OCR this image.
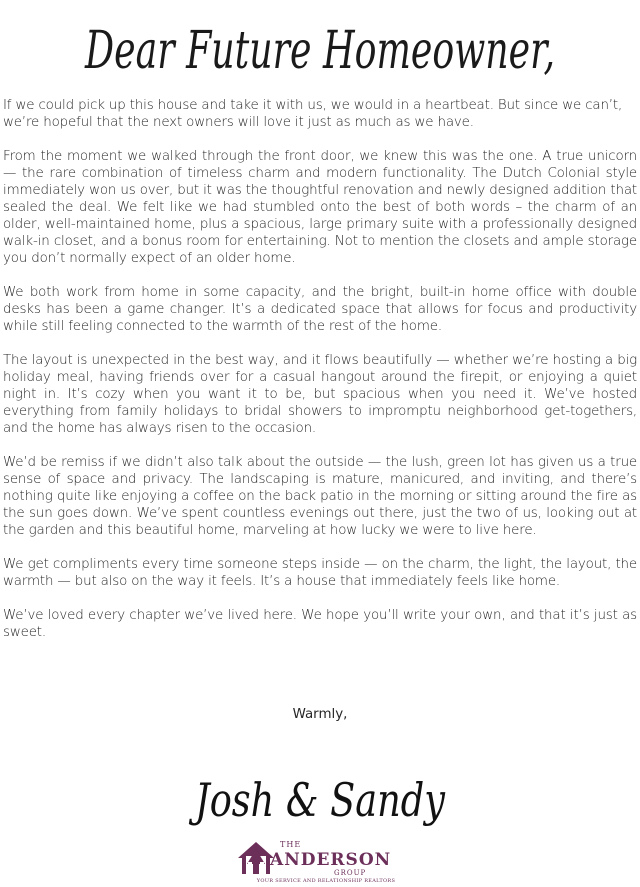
Dear Future Homeowner,

If we could pick up this house and take it with us, we would in a heartbeat. But since we can’t, we’re hopeful that the next owners will love it just as much as we have.

From the moment we walked through the front door, we knew this was the one. A true unicorn — the rare combination of timeless charm and modern functionality. The Dutch Colonial style immediately won us over, but it was the thoughtful renovation and newly designed addition that sealed the deal. We felt like we had stumbled onto the best of both words – the charm of an older, well-maintained home, plus a spacious, large primary suite with a professionally designed walk-in closet, and a bonus room for entertaining. Not to mention the closets and ample storage you don’t normally expect of an older home.

We both work from home in some capacity, and the bright, built-in home office with double desks has been a game changer. It’s a dedicated space that allows for focus and productivity while still feeling connected to the warmth of the rest of the home.

The layout is unexpected in the best way, and it flows beautifully — whether we’re hosting a big holiday meal, having friends over for a casual hangout around the firepit, or enjoying a quiet night in. It’s cozy when you want it to be, but spacious when you need it. We’ve hosted everything from family holidays to bridal showers to impromptu neighborhood get-togethers, and the home has always risen to the occasion.

We’d be remiss if we didn’t also talk about the outside — the lush, green lot has given us a true sense of space and privacy. The landscaping is mature, manicured, and inviting, and there’s nothing quite like enjoying a coffee on the back patio in the morning or sitting around the fire as the sun goes down. We’ve spent countless evenings out there, just the two of us, looking out at the garden and this beautiful home, marveling at how lucky we were to live here.

We get compliments every time someone steps inside — on the charm, the light, the layout, the warmth — but also on the way it feels. It’s a house that immediately feels like home.

We’ve loved every chapter we’ve lived here. We hope you’ll write your own, and that it’s just as sweet.

Warmly,
Josh & Sandy
THE
ANDERSON
GROUP
YOUR SERVICE AND RELATIONSHIP REALTORS
